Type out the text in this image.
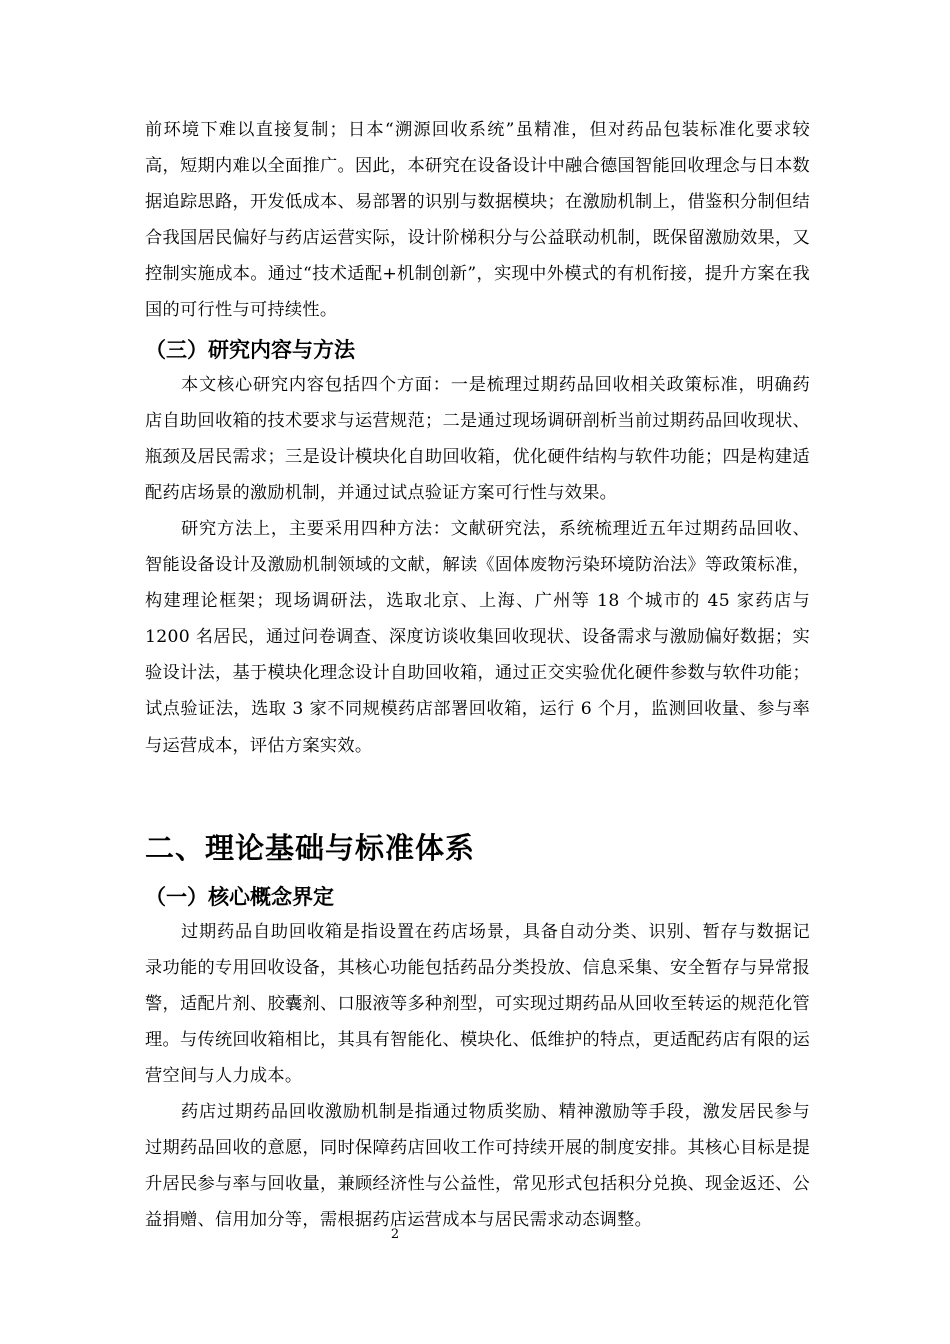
前环境下难以直接复制；日本“溯源回收系统”虽精准，但对药品包装标准化要求较高，短期内难以全面推广。因此，本研究在设备设计中融合德国智能回收理念与日本数据追踪思路，开发低成本、易部署的识别与数据模块；在激励机制上，借鉴积分制但结合我国居民偏好与药店运营实际，设计阶梯积分与公益联动机制，既保留激励效果，又控制实施成本。通过“技术适配+机制创新”，实现中外模式的有机衔接，提升方案在我国的可行性与可持续性。

（三）研究内容与方法

本文核心研究内容包括四个方面：一是梳理过期药品回收相关政策标准，明确药店自助回收箱的技术要求与运营规范；二是通过现场调研剖析当前过期药品回收现状、瓶颈及居民需求；三是设计模块化自助回收箱，优化硬件结构与软件功能；四是构建适配药店场景的激励机制，并通过试点验证方案可行性与效果。

研究方法上，主要采用四种方法：文献研究法，系统梳理近五年过期药品回收、智能设备设计及激励机制领域的文献，解读《固体废物污染环境防治法》等政策标准，构建理论框架；现场调研法，选取北京、上海、广州等 18 个城市的 45 家药店与 1200 名居民，通过问卷调查、深度访谈收集回收现状、设备需求与激励偏好数据；实验设计法，基于模块化理念设计自助回收箱，通过正交实验优化硬件参数与软件功能；试点验证法，选取 3 家不同规模药店部署回收箱，运行 6 个月，监测回收量、参与率与运营成本，评估方案实效。

二、理论基础与标准体系
（一）核心概念界定

过期药品自助回收箱是指设置在药店场景，具备自动分类、识别、暂存与数据记录功能的专用回收设备，其核心功能包括药品分类投放、信息采集、安全暂存与异常报警，适配片剂、胶囊剂、口服液等多种剂型，可实现过期药品从回收至转运的规范化管理。与传统回收箱相比，其具有智能化、模块化、低维护的特点，更适配药店有限的运营空间与人力成本。

药店过期药品回收激励机制是指通过物质奖励、精神激励等手段，激发居民参与过期药品回收的意愿，同时保障药店回收工作可持续开展的制度安排。其核心目标是提升居民参与率与回收量，兼顾经济性与公益性，常见形式包括积分兑换、现金返还、公益捐赠、信用加分等，需根据药店运营成本与居民需求动态调整。

2
